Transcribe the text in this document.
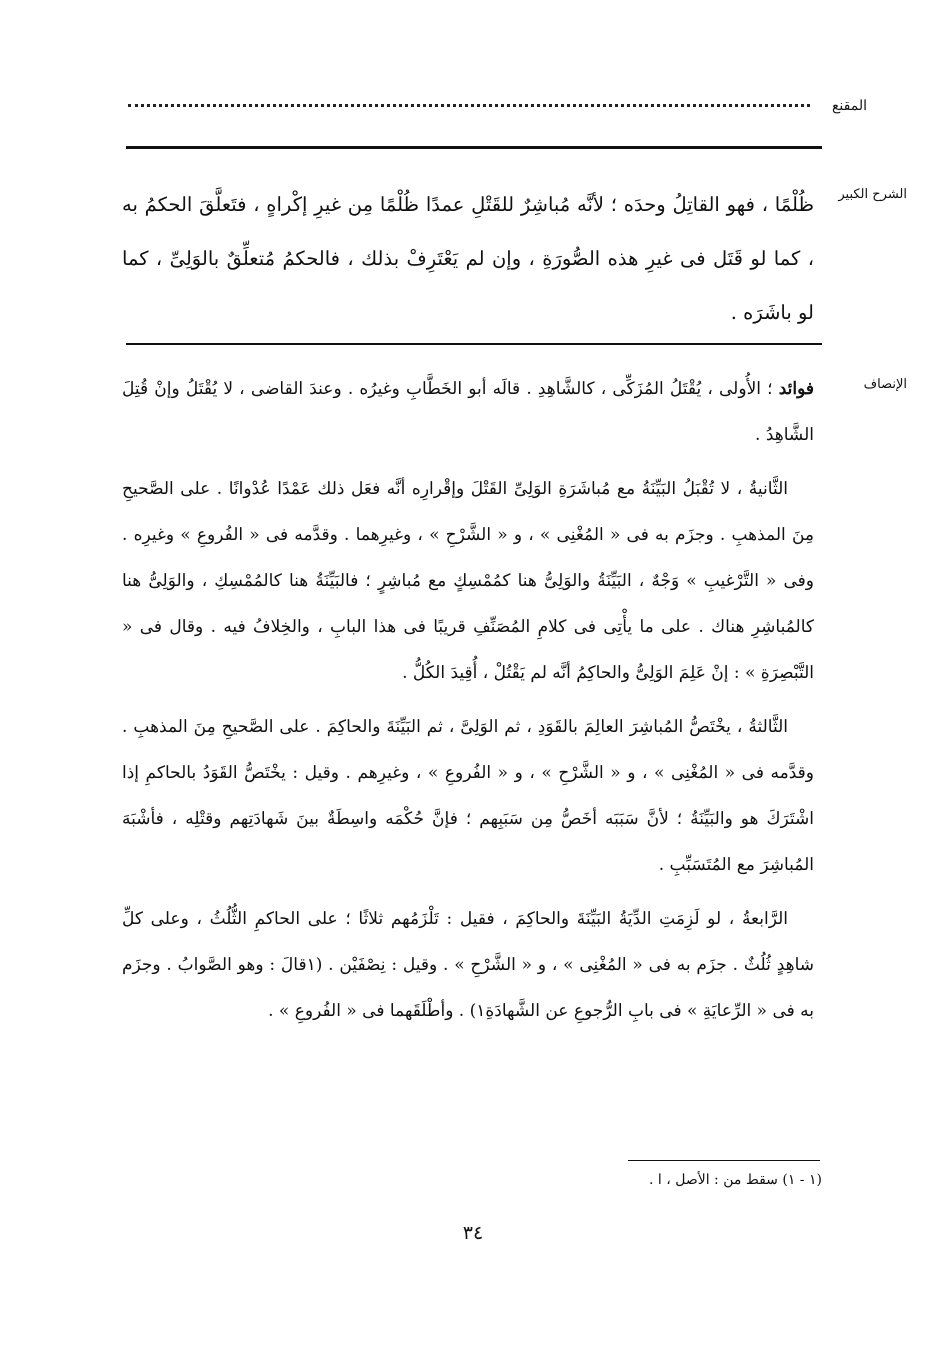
المقنع
الشرح الكبير
ظُلْمًا ، فهو القاتِلُ وحدَه ؛ لأنَّه مُباشِرٌ للقَتْلِ عمدًا ظُلْمًا مِن غيرِ إكْراهٍ ، فتَعلَّقَ الحكمُ به ، كما لو قَتَل فى غيرِ هذه الصُّورَةِ ، وإن لم يَعْتَرِفْ بذلك ، فالحكمُ مُتعلِّقٌ بالوَلِىِّ ، كما لو باشَرَه .
الإنصاف

فوائد ؛ الأُولى ، يُقْتَلُ المُزَكِّى ، كالشَّاهِدِ . قالَه أبو الخَطَّابِ وغيرُه . وعندَ القاضى ، لا يُقْتَلُ وإنْ قُتِلَ الشَّاهِدُ .

الثَّانيةُ ، لا تُقْبَلُ البَيِّنَةُ مع مُباشَرَةِ الوَلِىِّ القَتْلَ وإقْرارِه أنَّه فعَل ذلك عَمْدًا عُدْوانًا . على الصَّحيحِ مِنَ المذهبِ . وجزَم به فى « المُغْنِى » ، و « الشَّرْحِ » ، وغيرِهما . وقدَّمه فى « الفُروعِ » وغيرِه . وفى « التَّرْغيبِ » وَجْهٌ ، البَيِّنَةُ والوَلِىُّ هنا كمُمْسِكٍ مع مُباشِرٍ ؛ فالبَيِّنَةُ هنا كالمُمْسِكِ ، والوَلِىُّ هنا كالمُباشِرِ هناك . على ما يأْتِى فى كلامِ المُصَنِّفِ قريبًا فى هذا البابِ ، والخِلافُ فيه . وقال فى « التَّبْصِرَةِ » : إنْ عَلِمَ الوَلِىُّ والحاكِمُ أنَّه لم يَقْتُلْ ، أُقِيدَ الكُلُّ .

الثَّالثةُ ، يخْتَصُّ المُباشِرَ العالِمَ بالقَوَدِ ، ثم الوَلِىَّ ، ثم البَيِّنَةَ والحاكِمَ . على الصَّحيحِ مِنَ المذهبِ . وقدَّمه فى « المُغْنِى » ، و « الشَّرْحِ » ، و « الفُروعِ » ، وغيرِهم . وقيل : يخْتَصُّ القَوَدُ بالحاكمِ إذا اشْتَرَكَ هو والبَيِّنَةُ ؛ لأنَّ سَبَبَه أخَصُّ مِن سَبَبِهم ؛ فإنَّ حُكْمَه واسِطَةٌ بينَ شَهادَتِهم وقتْلِه ، فأشْبَهَ المُباشِرَ مع المُتَسَبِّبِ .

الرَّابعةُ ، لو لَزِمَتِ الدِّيَةُ البَيِّنَةَ والحاكِمَ ، فقيل : تَلْزَمُهم ثلاثًا ؛ على الحاكمِ الثُّلُثُ ، وعلى كلِّ شاهِدٍ ثُلُثٌ . جزَم به فى « المُغْنِى » ، و « الشَّرْحِ » . وقيل : نِصْفَيْن . (١قالَ : وهو الصَّوابُ . وجزَم به فى « الرِّعايَةِ » فى بابِ الرُّجوعِ عن الشَّهادَةِ١) . وأطْلَقَهما فى « الفُروعِ » .

(١ - ١) سقط من : الأصل ، ا .
٣٤
